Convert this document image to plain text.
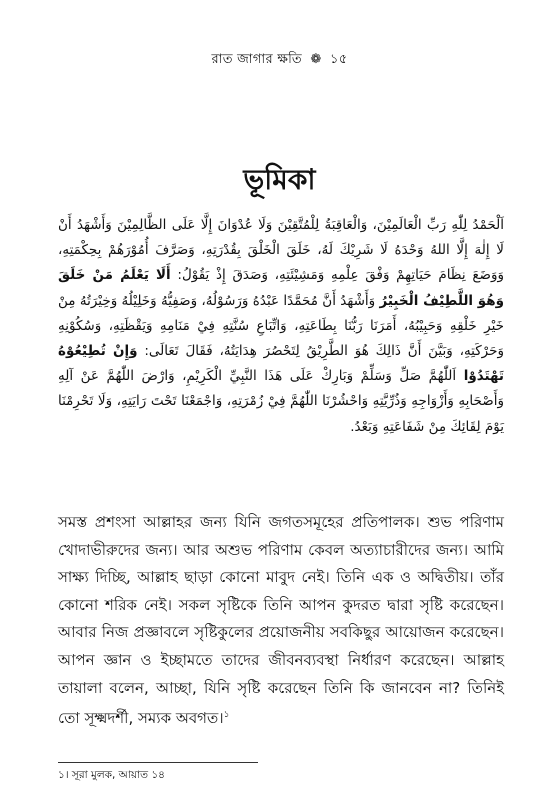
রাত জাগার ক্ষতি ❁ ১৫
ভূমিকা
اَلْحَمْدُ لِلّٰهِ رَبِّ الْعَالَمِيْنَ، وَالْعَاقِبَةُ لِلْمُتَّقِيْنَ وَلَا عُدْوَانَ إِلَّا عَلَى الظَّالِمِيْنَ وَأَشْهَدُ أَنْ لَا إِلٰهَ إِلَّا اللهُ وَحْدَهُ لَا شَرِيْكَ لَهُ، خَلَقَ الْخَلْقَ بِقُدْرَتِهِ، وَصَرَّفَ أُمُوْرَهُمْ بِحِكْمَتِهِ، وَوَضَعَ نِظَامَ حَيَاتِهِمْ وَفْقَ عِلْمِهِ وَمَشِيْئَتِهِ، وَصَدَقَ إِذْ يَقُوْلُ: أَلَا يَعْلَمُ مَنْ خَلَقَ وَهُوَ اللَّطِيْفُ الْخَبِيْرُ وَأَشْهَدُ أَنَّ مُحَمَّدًا عَبْدُهُ وَرَسُوْلُهُ، وَصَفِيُّهُ وَخَلِيْلُهُ وَخِيْرَتُهُ مِنْ خَيْرِ خَلْقِهِ وَحَبِيْبُهُ، أَمَرَنَا رَبُّنَا بِطَاعَتِهِ، وَاتِّبَاعِ سُنَّتِهِ فِيْ مَنَامِهِ وَيَقْظَتِهِ، وَسُكُوْنِهِ وَحَرْكَتِهِ، وَبَيَّنَ أَنَّ ذَالِكَ هُوَ الطَّرِيْقُ لِتَحْصُرَ هِدَايَتُهُ، فَقَالَ تَعَالَى: وَإِنْ تُطِيْعُوْهُ تَهْتَدُوْا اَللّٰهُمَّ صَلِّ وَسَلِّمْ وَبَارِكْ عَلَى هَذَا النَّبِيِّ الْكَرِيْمِ، وَارْضَ اللّٰهُمَّ عَنْ آلِهِ وَأَصْحَابِهِ وَأَزْوَاجِهِ وَذُرِّيَّتِهِ وَاحْشُرْنَا اللّٰهُمَّ فِيْ زُمْرَتِهِ، وَاجْمَعْنَا تَحْتَ رَايَتِهِ، وَلَا تَحْرِمْنَا يَوْمَ لِقَائِكَ مِنْ شَفَاعَتِهِ وَبَعْدُ.
সমস্ত প্রশংসা আল্লাহর জন্য যিনি জগতসমূহের প্রতিপালক। শুভ পরিণাম খোদাভীরুদের জন্য। আর অশুভ পরিণাম কেবল অত্যাচারীদের জন্য। আমি সাক্ষ্য দিচ্ছি, আল্লাহ ছাড়া কোনো মাবুদ নেই। তিনি এক ও অদ্বিতীয়। তাঁর কোনো শরিক নেই। সকল সৃষ্টিকে তিনি আপন কুদরত দ্বারা সৃষ্টি করেছেন। আবার নিজ প্রজ্ঞাবলে সৃষ্টিকুলের প্রয়োজনীয় সবকিছুর আয়োজন করেছেন। আপন জ্ঞান ও ইচ্ছামতে তাদের জীবনব্যবস্থা নির্ধারণ করেছেন। আল্লাহ তায়ালা বলেন, আচ্ছা, যিনি সৃষ্টি করেছেন তিনি কি জানবেন না? তিনিই তো সূক্ষ্মদর্শী, সম্যক অবগত।$^১$
১। সূরা মুলক, আয়াত ১৪
